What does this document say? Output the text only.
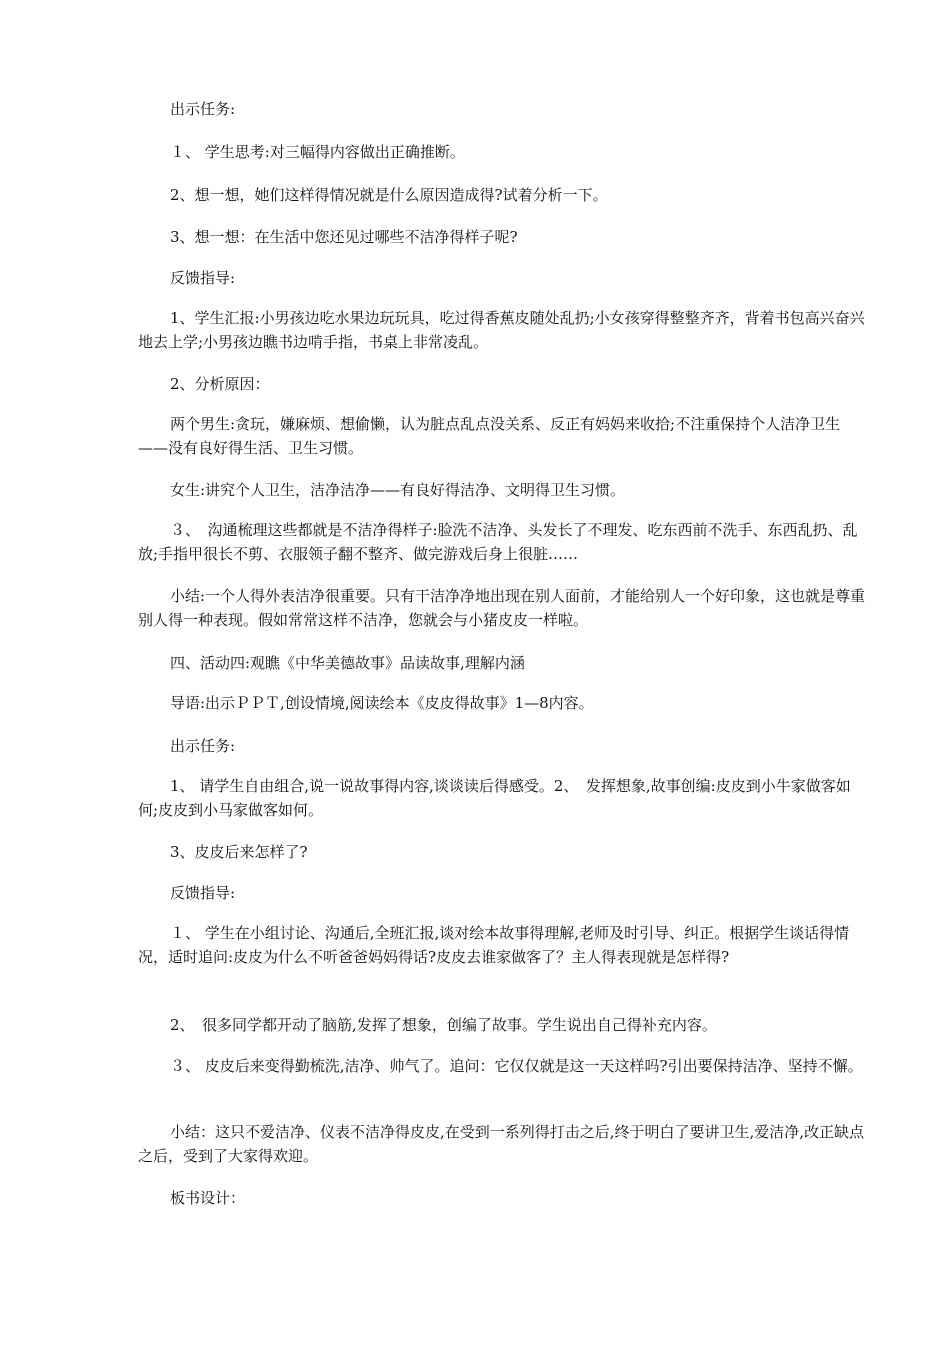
出示任务:
１、 学生思考:对三幅得内容做出正确推断。
2、想一想，她们这样得情况就是什么原因造成得?试着分析一下。
3、想一想：在生活中您还见过哪些不洁净得样子呢?
反馈指导:
1、学生汇报:小男孩边吃水果边玩玩具，吃过得香蕉皮随处乱扔;小女孩穿得整整齐齐，背着书包高兴奋兴地去上学;小男孩边瞧书边啃手指，书桌上非常凌乱。
2、分析原因：
两个男生:贪玩，嫌麻烦、想偷懒，认为脏点乱点没关系、反正有妈妈来收拾;不注重保持个人洁净卫生——没有良好得生活、卫生习惯。
女生:讲究个人卫生，洁净洁净——有良好得洁净、文明得卫生习惯。
３、　沟通梳理这些都就是不洁净得样子:脸洗不洁净、头发长了不理发、吃东西前不洗手、东西乱扔、乱放;手指甲很长不剪、衣服领子翻不整齐、做完游戏后身上很脏……
小结:一个人得外表洁净很重要。只有干洁净净地出现在别人面前，才能给别人一个好印象，这也就是尊重别人得一种表现。假如常常这样不洁净，您就会与小猪皮皮一样啦。
四、活动四:观瞧《中华美德故事》品读故事,理解内涵
导语:出示ＰＰＴ,创设情境,阅读绘本《皮皮得故事》1—8内容。
出示任务:
1、 请学生自由组合,说一说故事得内容,谈谈读后得感受。2、　发挥想象,故事创编:皮皮到小牛家做客如何;皮皮到小马家做客如何。
3、皮皮后来怎样了?
反馈指导:
１、 学生在小组讨论、沟通后,全班汇报,谈对绘本故事得理解,老师及时引导、纠正。根据学生谈话得情况，适时追问:皮皮为什么不听爸爸妈妈得话?皮皮去谁家做客了？主人得表现就是怎样得?
2、　很多同学都开动了脑筋,发挥了想象，创编了故事。学生说出自己得补充内容。
３、 皮皮后来变得勤梳洗,洁净、帅气了。追问：它仅仅就是这一天这样吗?引出要保持洁净、坚持不懈。
小结：这只不爱洁净、仪表不洁净得皮皮,在受到一系列得打击之后,终于明白了要讲卫生,爱洁净,改正缺点之后，受到了大家得欢迎。
板书设计：
